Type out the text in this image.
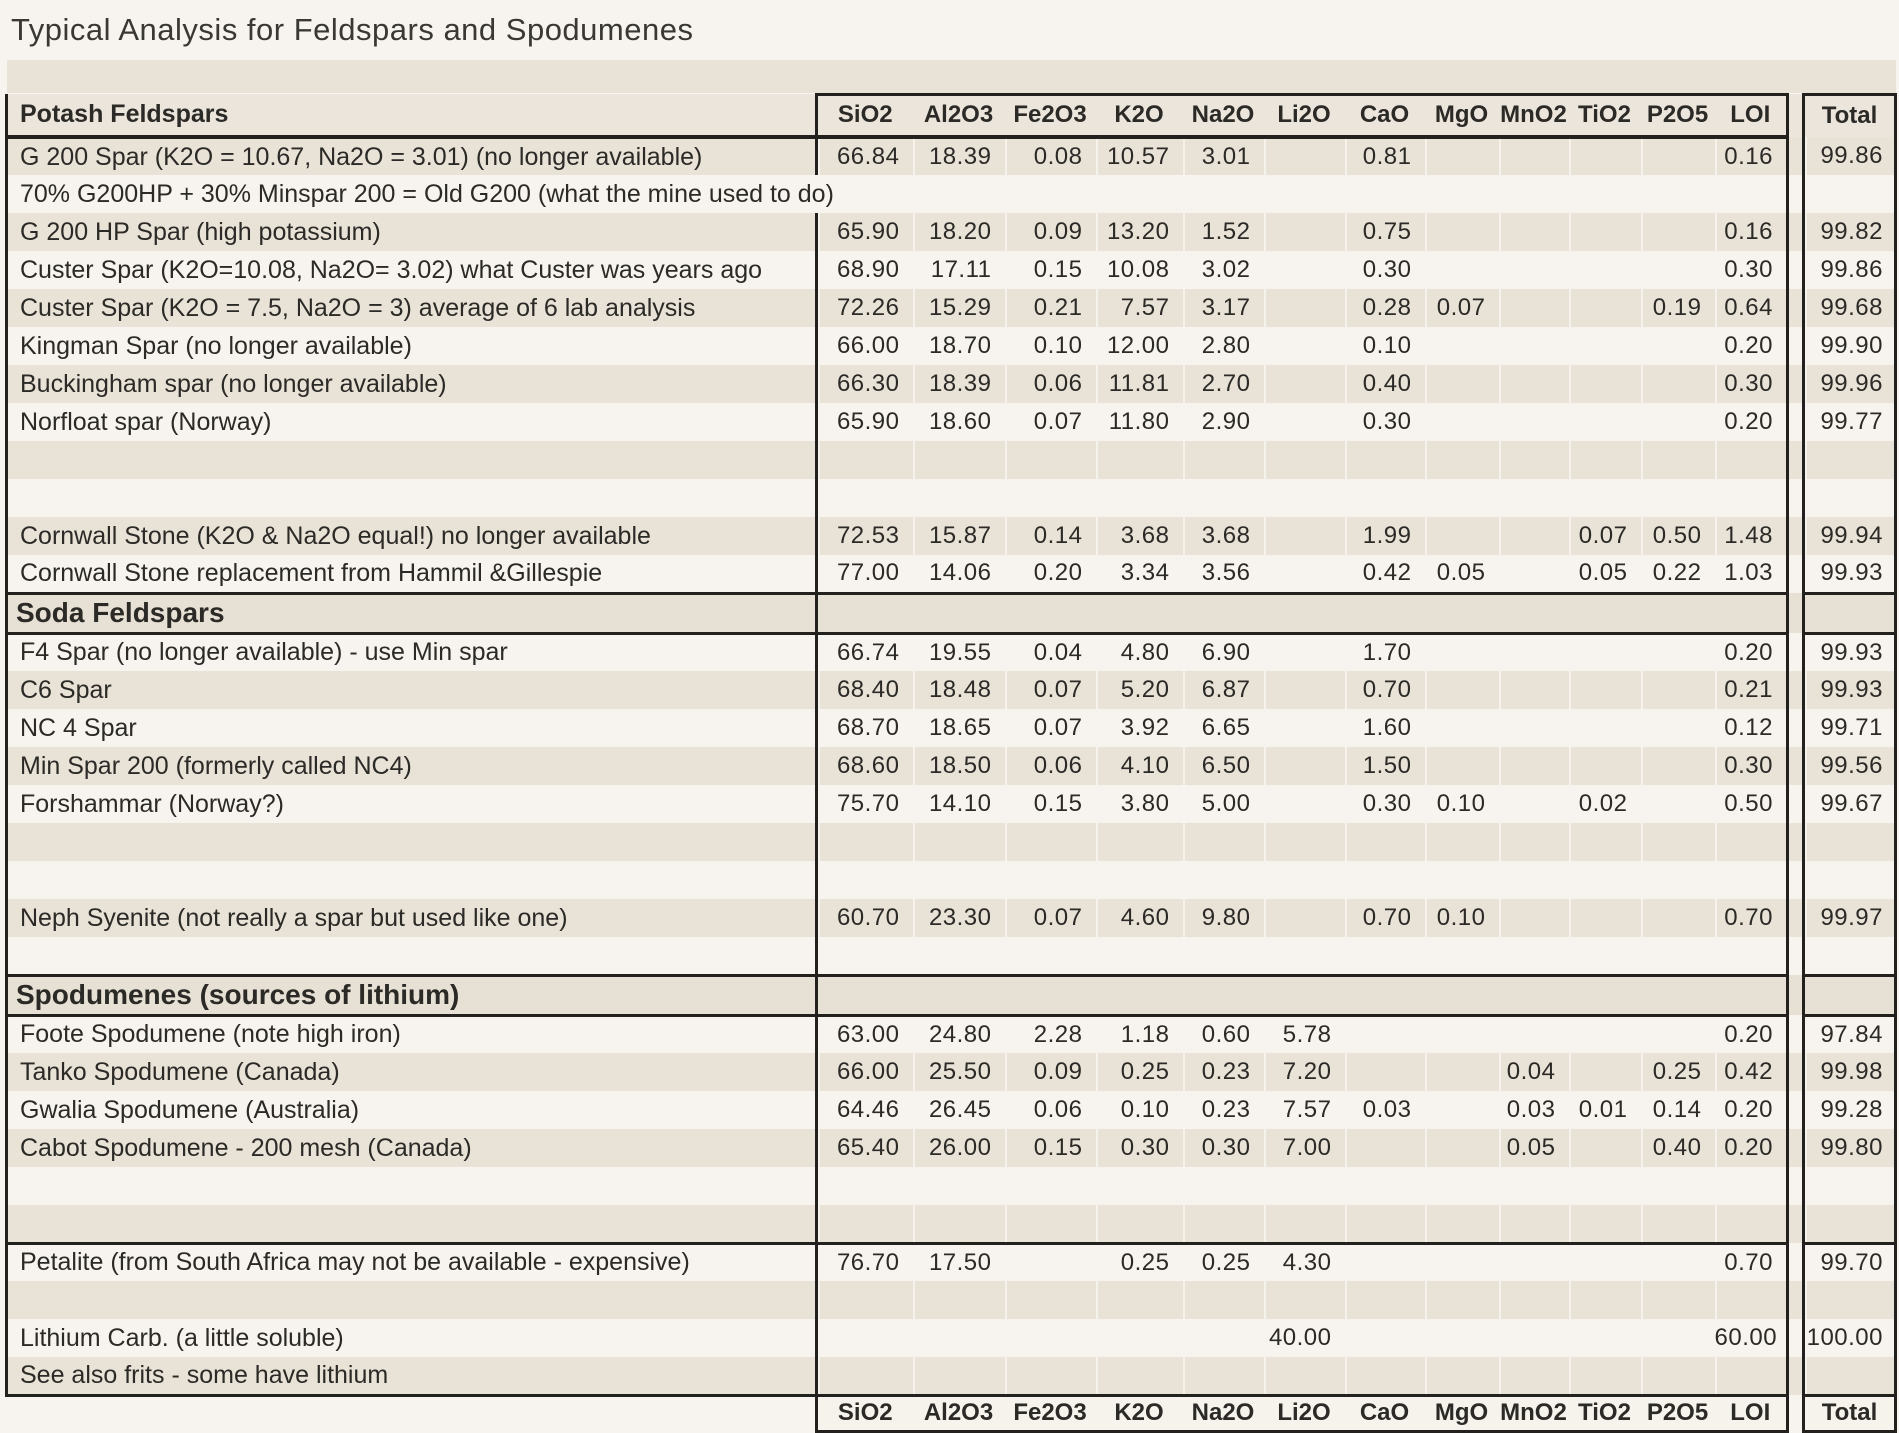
Typical Analysis for Feldspars and Spodumenes

Potash Feldspars	SiO2	Al2O3	Fe2O3	K2O	Na2O	Li2O	CaO	MgO	MnO2	TiO2	P2O5	LOI		Total
G 200 Spar (K2O = 10.67, Na2O = 3.01) (no longer available)	66.84	18.39	0.08	10.57	3.01		0.81					0.16		99.86
70% G200HP + 30% Minspar 200 = Old G200 (what the mine used to do)														
G 200 HP Spar (high potassium)	65.90	18.20	0.09	13.20	1.52		0.75					0.16		99.82
Custer Spar (K2O=10.08, Na2O= 3.02) what Custer was years ago	68.90	17.11	0.15	10.08	3.02		0.30					0.30		99.86
Custer Spar (K2O = 7.5, Na2O = 3) average of 6 lab analysis	72.26	15.29	0.21	7.57	3.17		0.28	0.07			0.19	0.64		99.68
Kingman Spar (no longer available)	66.00	18.70	0.10	12.00	2.80		0.10					0.20		99.90
Buckingham spar (no longer available)	66.30	18.39	0.06	11.81	2.70		0.40					0.30		99.96
Norfloat spar (Norway)	65.90	18.60	0.07	11.80	2.90		0.30					0.20		99.77

Cornwall Stone (K2O & Na2O equal!) no longer available	72.53	15.87	0.14	3.68	3.68		1.99			0.07	0.50	1.48		99.94
Cornwall Stone replacement from Hammil &Gillespie	77.00	14.06	0.20	3.34	3.56		0.42	0.05		0.05	0.22	1.03		99.93
Soda Feldspars														
F4 Spar (no longer available) - use Min spar	66.74	19.55	0.04	4.80	6.90		1.70					0.20		99.93
C6 Spar	68.40	18.48	0.07	5.20	6.87		0.70					0.21		99.93
NC 4 Spar	68.70	18.65	0.07	3.92	6.65		1.60					0.12		99.71
Min Spar 200 (formerly called NC4)	68.60	18.50	0.06	4.10	6.50		1.50					0.30		99.56
Forshammar (Norway?)	75.70	14.10	0.15	3.80	5.00		0.30	0.10		0.02		0.50		99.67

Neph Syenite (not really a spar but used like one)	60.70	23.30	0.07	4.60	9.80		0.70	0.10				0.70		99.97

Spodumenes (sources of lithium)														
Foote Spodumene (note high iron)	63.00	24.80	2.28	1.18	0.60	5.78						0.20		97.84
Tanko Spodumene (Canada)	66.00	25.50	0.09	0.25	0.23	7.20			0.04		0.25	0.42		99.98
Gwalia Spodumene (Australia)	64.46	26.45	0.06	0.10	0.23	7.57	0.03		0.03	0.01	0.14	0.20		99.28
Cabot Spodumene - 200 mesh (Canada)	65.40	26.00	0.15	0.30	0.30	7.00			0.05		0.40	0.20		99.80

Petalite (from South Africa may not be available - expensive)	76.70	17.50		0.25	0.25	4.30						0.70		99.70

Lithium Carb. (a little soluble)						40.00						60.00		100.00
See also frits - some have lithium														
	SiO2	Al2O3	Fe2O3	K2O	Na2O	Li2O	CaO	MgO	MnO2	TiO2	P2O5	LOI		Total
